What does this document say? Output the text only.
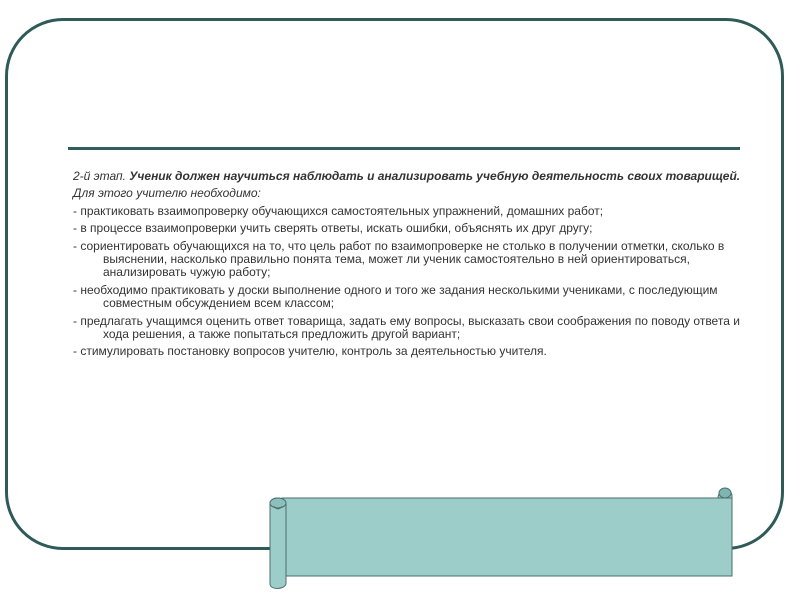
2-й этап. Ученик должен научиться наблюдать и анализировать учебную деятельность своих товарищей.

Для этого учителю необходимо:

- практиковать взаимопроверку обучающихся самостоятельных упражнений, домашних работ;

- в процессе взаимопроверки учить сверять ответы, искать ошибки, объяснять их друг другу;

- сориентировать обучающихся на то, что цель работ по взаимопроверке не столько в получении отметки, сколько в выяснении, насколько правильно понята тема, может ли ученик самостоятельно в ней ориентироваться, анализировать чужую работу;

- необходимо практиковать у доски выполнение одного и того же задания несколькими учениками, с последующим совместным обсуждением всем классом;

- предлагать учащимся оценить ответ товарища, задать ему вопросы, высказать свои соображения по поводу ответа и хода решения, а также попытаться предложить другой вариант;

- стимулировать постановку вопросов учителю, контроль за деятельностью учителя.
